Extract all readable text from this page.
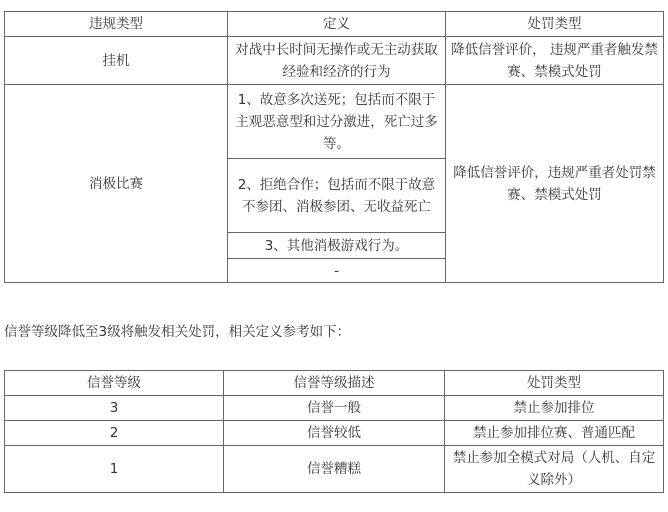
违规类型	定义	处罚类型
挂机	对战中长时间无操作或无主动获取经验和经济的行为	降低信誉评价， 违规严重者触发禁赛、禁模式处罚
消极比赛	1、故意多次送死；包括而不限于主观恶意型和过分激进，死亡过多等。	降低信誉评价，违规严重者处罚禁赛、禁模式处罚
	2、拒绝合作；包括而不限于故意不参团、消极参团、无收益死亡	
	3、其他消极游戏行为。	
	-	
信誉等级降低至3级将触发相关处罚，相关定义参考如下：
信誉等级	信誉等级描述	处罚类型
3	信誉一般	禁止参加排位
2	信誉较低	禁止参加排位赛、普通匹配
1	信誉糟糕	禁止参加全模式对局（人机、自定义除外）
